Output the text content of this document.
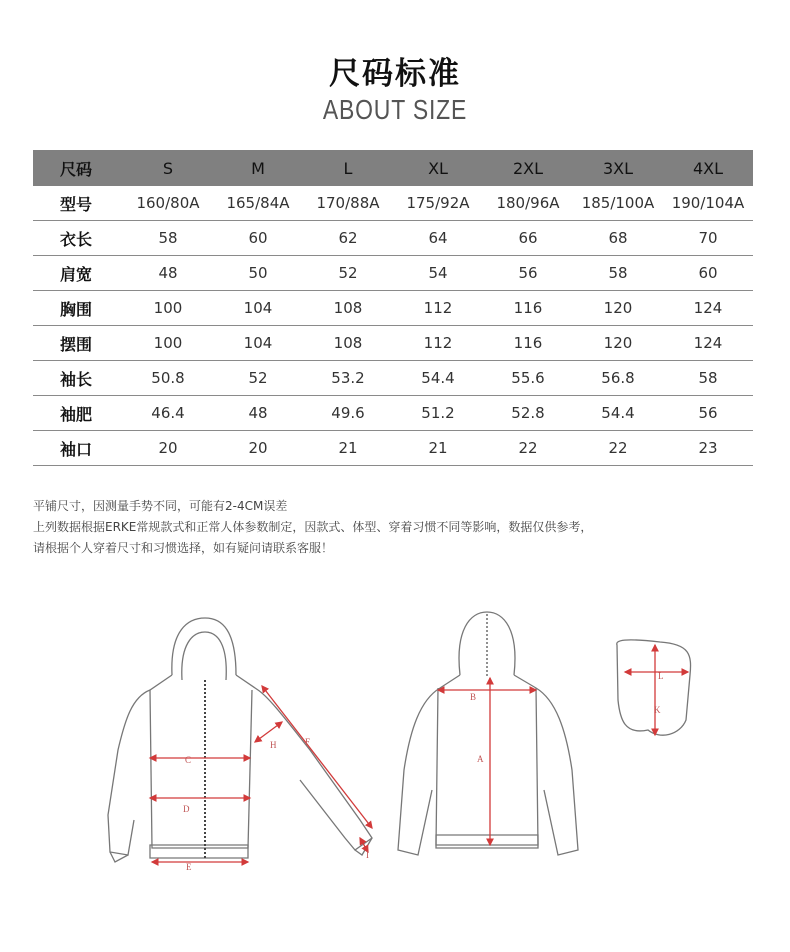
尺码标准
ABOUT SIZE
尺码	S	M	L	XL	2XL	3XL	4XL
型号	160/80A	165/84A	170/88A	175/92A	180/96A	185/100A	190/104A
衣长	58	60	62	64	66	68	70
肩宽	48	50	52	54	56	58	60
胸围	100	104	108	112	116	120	124
摆围	100	104	108	112	116	120	124
袖长	50.8	52	53.2	54.4	55.6	56.8	58
袖肥	46.4	48	49.6	51.2	52.8	54.4	56
袖口	20	20	21	21	22	22	23
平铺尺寸，因测量手势不同，可能有2-4CM误差
上列数据根据ERKE常规款式和正常人体参数制定，因款式、体型、穿着习惯不同等影响，数据仅供参考，
请根据个人穿着尺寸和习惯选择，如有疑问请联系客服！
C
D
E
F
H
I
A
B
L
K
